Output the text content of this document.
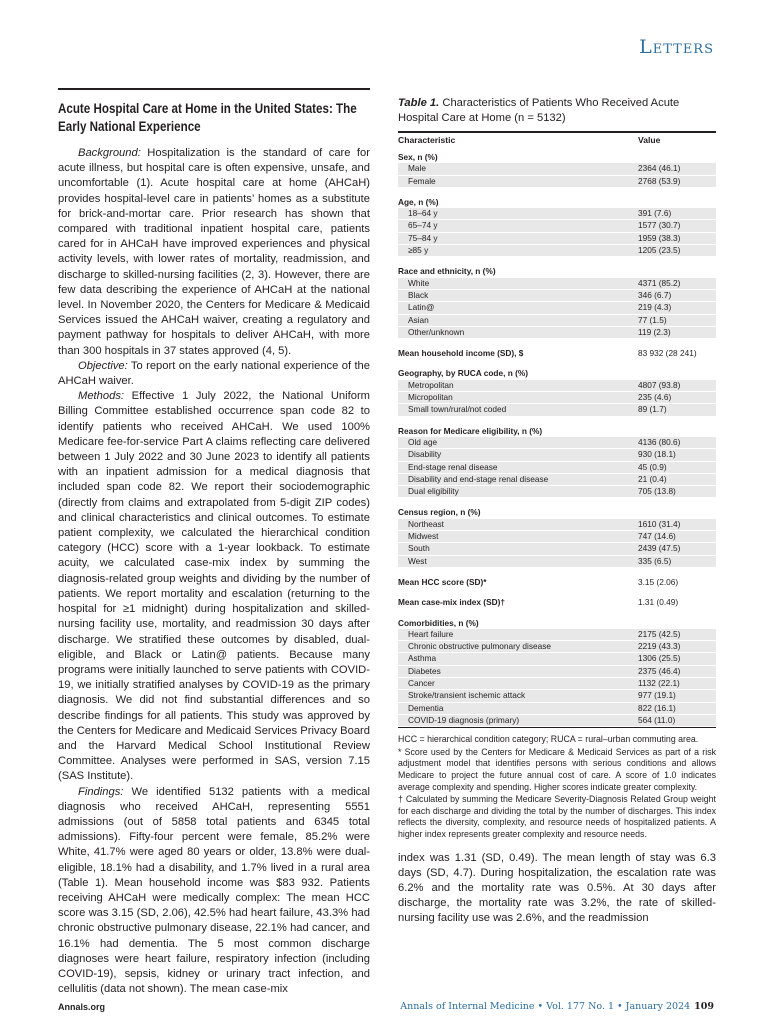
Letters
Acute Hospital Care at Home in the United States: The Early National Experience

Background: Hospitalization is the standard of care for acute illness, but hospital care is often expensive, unsafe, and uncomfortable (1). Acute hospital care at home (AHCaH) provides hospital-level care in patients’ homes as a substitute for brick-and-mortar care. Prior research has shown that compared with traditional inpatient hospital care, patients cared for in AHCaH have improved experiences and physical activity levels, with lower rates of mortality, readmission, and discharge to skilled-nursing facilities (2, 3). However, there are few data describing the experience of AHCaH at the national level. In November 2020, the Centers for Medicare & Medicaid Services issued the AHCaH waiver, creating a regulatory and payment pathway for hospitals to deliver AHCaH, with more than 300 hospitals in 37 states approved (4, 5).

Objective: To report on the early national experience of the AHCaH waiver.

Methods: Effective 1 July 2022, the National Uniform Billing Committee established occurrence span code 82 to identify patients who received AHCaH. We used 100% Medicare fee-for-service Part A claims reflecting care delivered between 1 July 2022 and 30 June 2023 to identify all patients with an inpatient admission for a medical diagnosis that included span code 82. We report their sociodemographic (directly from claims and extrapolated from 5-digit ZIP codes) and clinical characteristics and clinical outcomes. To estimate patient complexity, we calculated the hierarchical condition category (HCC) score with a 1-year lookback. To estimate acuity, we calculated case-mix index by summing the diagnosis-related group weights and dividing by the number of patients. We report mortality and escalation (returning to the hospital for ≥1 midnight) during hospitalization and skilled-nursing facility use, mortality, and readmission 30 days after discharge. We stratified these outcomes by disabled, dual-eligible, and Black or Latin@ patients. Because many programs were initially launched to serve patients with COVID-19, we initially stratified analyses by COVID-19 as the primary diagnosis. We did not find substantial differences and so describe findings for all patients. This study was approved by the Centers for Medicare and Medicaid Services Privacy Board and the Harvard Medical School Institutional Review Committee. Analyses were performed in SAS, version 7.15 (SAS Institute).

Findings: We identified 5132 patients with a medical diagnosis who received AHCaH, representing 5551 admissions (out of 5858 total patients and 6345 total admissions). Fifty-four percent were female, 85.2% were White, 41.7% were aged 80 years or older, 13.8% were dual-eligible, 18.1% had a disability, and 1.7% lived in a rural area (Table 1). Mean household income was $83 932. Patients receiving AHCaH were medically complex: The mean HCC score was 3.15 (SD, 2.06), 42.5% had heart failure, 43.3% had chronic obstructive pulmonary disease, 22.1% had cancer, and 16.1% had dementia. The 5 most common discharge diagnoses were heart failure, respiratory infection (including COVID-19), sepsis, kidney or urinary tract infection, and cellulitis (data not shown). The mean case-mix

Table 1. Characteristics of Patients Who Received Acute Hospital Care at Home (n = 5132)
Characteristic	Value
Sex, n (%)	
Male	2364 (46.1)
Female	2768 (53.9)
Age, n (%)	
18–64 y	391 (7.6)
65–74 y	1577 (30.7)
75–84 y	1959 (38.3)
≥85 y	1205 (23.5)
Race and ethnicity, n (%)	
White	4371 (85.2)
Black	346 (6.7)
Latin@	219 (4.3)
Asian	77 (1.5)
Other/unknown	119 (2.3)
Mean household income (SD), $	83 932 (28 241)
Geography, by RUCA code, n (%)	
Metropolitan	4807 (93.8)
Micropolitan	235 (4.6)
Small town/rural/not coded	89 (1.7)
Reason for Medicare eligibility, n (%)	
Old age	4136 (80.6)
Disability	930 (18.1)
End-stage renal disease	45 (0.9)
Disability and end-stage renal disease	21 (0.4)
Dual eligibility	705 (13.8)
Census region, n (%)	
Northeast	1610 (31.4)
Midwest	747 (14.6)
South	2439 (47.5)
West	335 (6.5)
Mean HCC score (SD)*	3.15 (2.06)
Mean case-mix index (SD)†	1.31 (0.49)
Comorbidities, n (%)	
Heart failure	2175 (42.5)
Chronic obstructive pulmonary disease	2219 (43.3)
Asthma	1306 (25.5)
Diabetes	2375 (46.4)
Cancer	1132 (22.1)
Stroke/transient ischemic attack	977 (19.1)
Dementia	822 (16.1)
COVID-19 diagnosis (primary)	564 (11.0)

HCC = hierarchical condition category; RUCA = rural–urban commuting area.

* Score used by the Centers for Medicare & Medicaid Services as part of a risk adjustment model that identifies persons with serious conditions and allows Medicare to project the future annual cost of care. A score of 1.0 indicates average complexity and spending. Higher scores indicate greater complexity.

† Calculated by summing the Medicare Severity-Diagnosis Related Group weight for each discharge and dividing the total by the number of discharges. This index reflects the diversity, complexity, and resource needs of hospitalized patients. A higher index represents greater complexity and resource needs.

index was 1.31 (SD, 0.49). The mean length of stay was 6.3 days (SD, 4.7). During hospitalization, the escalation rate was 6.2% and the mortality rate was 0.5%. At 30 days after discharge, the mortality rate was 3.2%, the rate of skilled-nursing facility use was 2.6%, and the readmission
Annals.org	Annals of Internal Medicine • Vol. 177 No. 1 • January 2024 109
